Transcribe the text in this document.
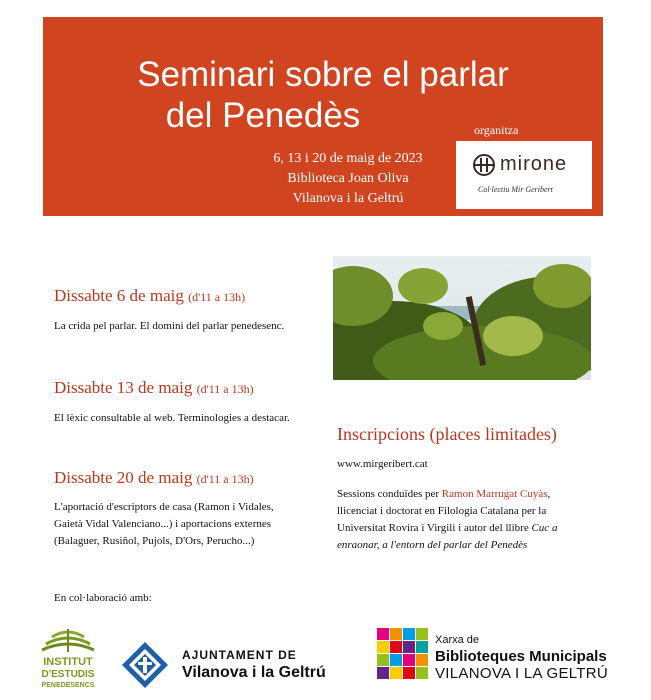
Seminari sobre el parlar
del Penedès
6, 13 i 20 de maig de 2023
Biblioteca Joan Oliva
Vilanova i la Geltrú
organitza
mirone
Col·lectiu Mir Geribert
Dissabte 6 de maig (d'11 a 13h)
La crida pel parlar. El domini del parlar penedesenc.
Dissabte 13 de maig (d'11 a 13h)
El lèxic consultable al web. Terminologies a destacar.
Dissabte 20 de maig (d'11 a 13h)
L'aportació d'escriptors de casa (Ramon i Vidales, Gaietà Vidal Valenciano...) i aportacions externes (Balaguer, Rusiñol, Pujols, D'Ors, Perucho...)
Inscripcions (places limitades)
www.mirgeribert.cat
Sessions conduïdes per Ramon Marrugat Cuyàs, llicenciat i doctorat en Filologia Catalana per la Universitat Rovira i Virgili i autor del llibre Cuc a enraonar, a l'entorn del parlar del Penedès
En col·laboració amb:
INSTITUT
D'ESTUDIS
PENEDESENCS
AJUNTAMENT DE
Vilanova i la Geltrú
Xarxa de
Biblioteques Municipals
VILANOVA I LA GELTRÚ
